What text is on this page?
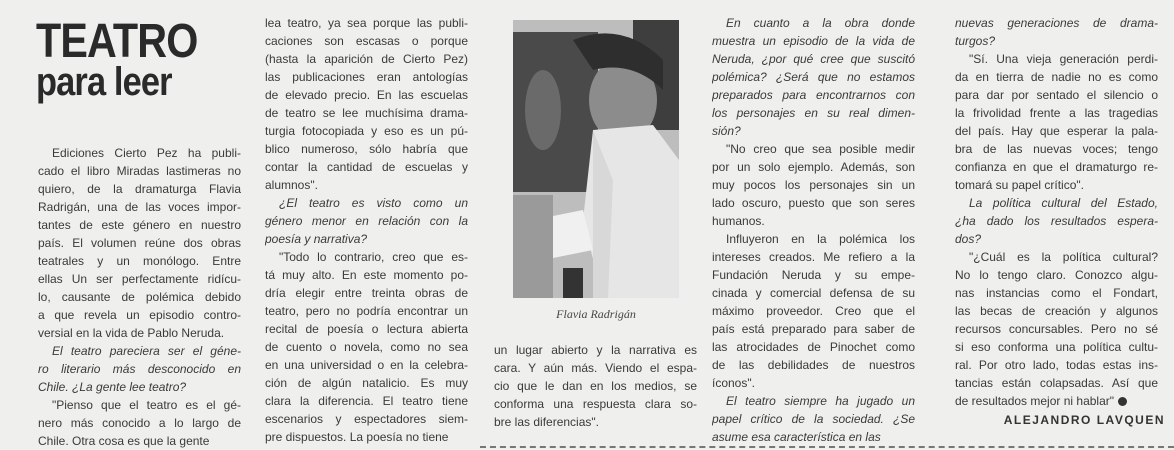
TEATRO
para leer
Ediciones Cierto Pez ha publi-
cado el libro Miradas lastimeras no
quiero, de la dramaturga Flavia
Radrigán, una de las voces impor-
tantes de este género en nuestro
país. El volumen reúne dos obras
teatrales y un monólogo. Entre
ellas Un ser perfectamente ridícu-
lo, causante de polémica debido
a que revela un episodio contro-
versial en la vida de Pablo Neruda.
El teatro pareciera ser el géne-
ro literario más desconocido en
Chile. ¿La gente lee teatro?
"Pienso que el teatro es el gé-
nero más conocido a lo largo de
Chile. Otra cosa es que la gente
lea teatro, ya sea porque las publi-
caciones son escasas o porque
(hasta la aparición de Cierto Pez)
las publicaciones eran antologías
de elevado precio. En las escuelas
de teatro se lee muchísima drama-
turgia fotocopiada y eso es un pú-
blico numeroso, sólo habría que
contar la cantidad de escuelas y
alumnos".
¿El teatro es visto como un
género menor en relación con la
poesía y narrativa?
"Todo lo contrario, creo que es-
tá muy alto. En este momento po-
dría elegir entre treinta obras de
teatro, pero no podría encontrar un
recital de poesía o lectura abierta
de cuento o novela, como no sea
en una universidad o en la celebra-
ción de algún natalicio. Es muy
clara la diferencia. El teatro tiene
escenarios y espectadores siem-
pre dispuestos. La poesía no tiene
Flavia Radrigán
un lugar abierto y la narrativa es
cara. Y aún más. Viendo el espa-
cio que le dan en los medios, se
conforma una respuesta clara so-
bre las diferencias".
En cuanto a la obra donde
muestra un episodio de la vida de
Neruda, ¿por qué cree que suscitó
polémica? ¿Será que no estamos
preparados para encontrarnos con
los personajes en su real dimen-
sión?
"No creo que sea posible medir
por un solo ejemplo. Además, son
muy pocos los personajes sin un
lado oscuro, puesto que son seres
humanos.
Influyeron en la polémica los
intereses creados. Me refiero a la
Fundación Neruda y su empe-
cinada y comercial defensa de su
máximo proveedor. Creo que el
país está preparado para saber de
las atrocidades de Pinochet como
de las debilidades de nuestros
íconos".
El teatro siempre ha jugado un
papel crítico de la sociedad. ¿Se
asume esa característica en las
nuevas generaciones de drama-
turgos?
"Sí. Una vieja generación perdi-
da en tierra de nadie no es como
para dar por sentado el silencio o
la frivolidad frente a las tragedias
del país. Hay que esperar la pala-
bra de las nuevas voces; tengo
confianza en que el dramaturgo re-
tomará su papel crítico".
La política cultural del Estado,
¿ha dado los resultados espera-
dos?
"¿Cuál es la política cultural?
No lo tengo claro. Conozco algu-
nas instancias como el Fondart,
las becas de creación y algunos
recursos concursables. Pero no sé
si eso conforma una política cultu-
ral. Por otro lado, todas estas ins-
tancias están colapsadas. Así que
de resultados mejor ni hablar"
ALEJANDRO LAVQUEN
